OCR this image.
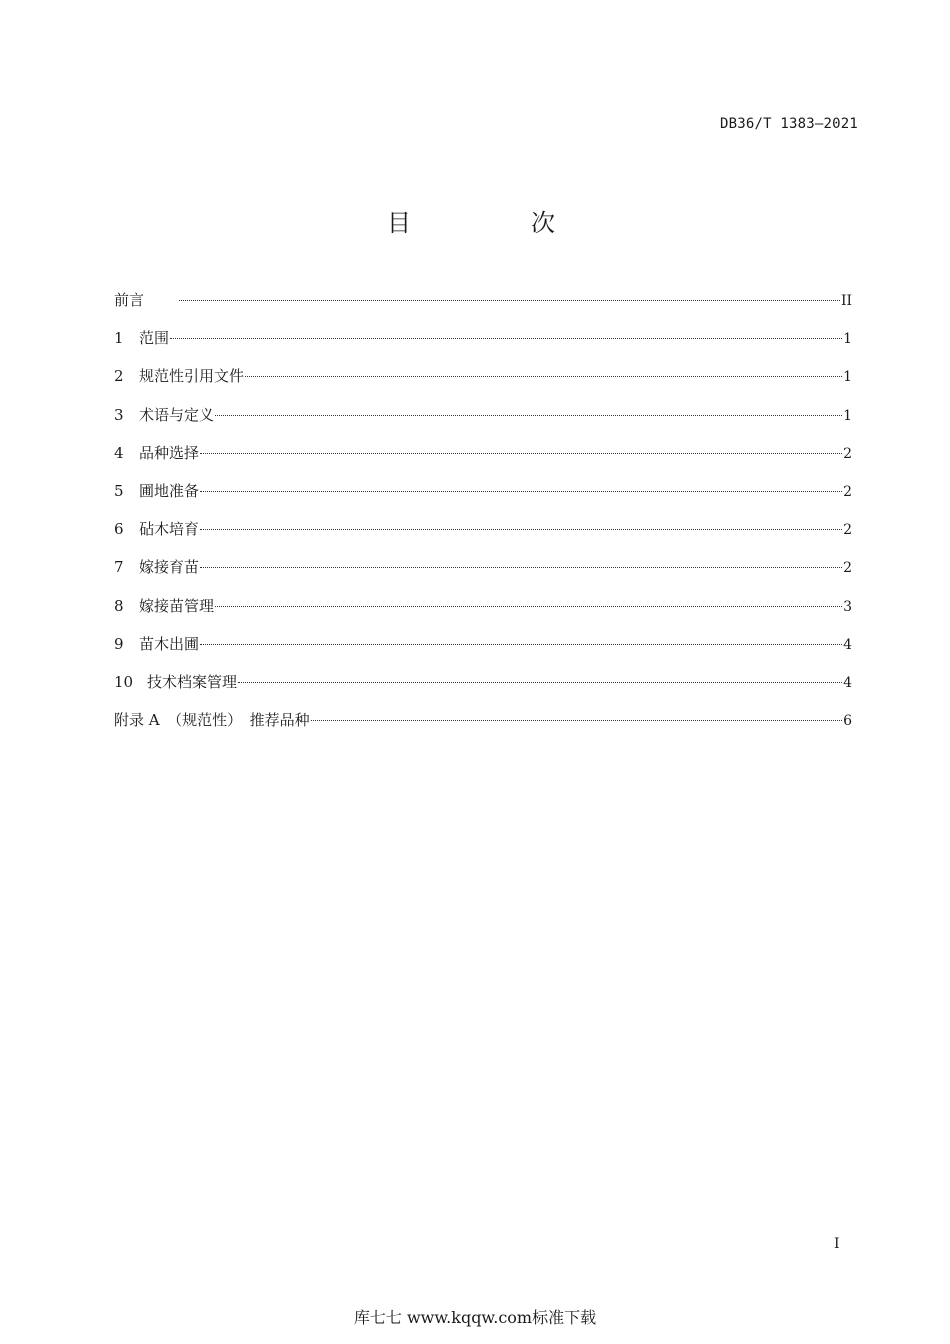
DB36/T 1383—2021
目　次
前言	II
1	范围	1
2	规范性引用文件	1
3	术语与定义	1
4	品种选择	2
5	圃地准备	2
6	砧木培育	2
7	嫁接育苗	2
8	嫁接苗管理	3
9	苗木出圃	4
10 技术档案管理	4
附录 A　（规范性）　推荐品种	6
I
库七七 www.kqqw.com标准下载
